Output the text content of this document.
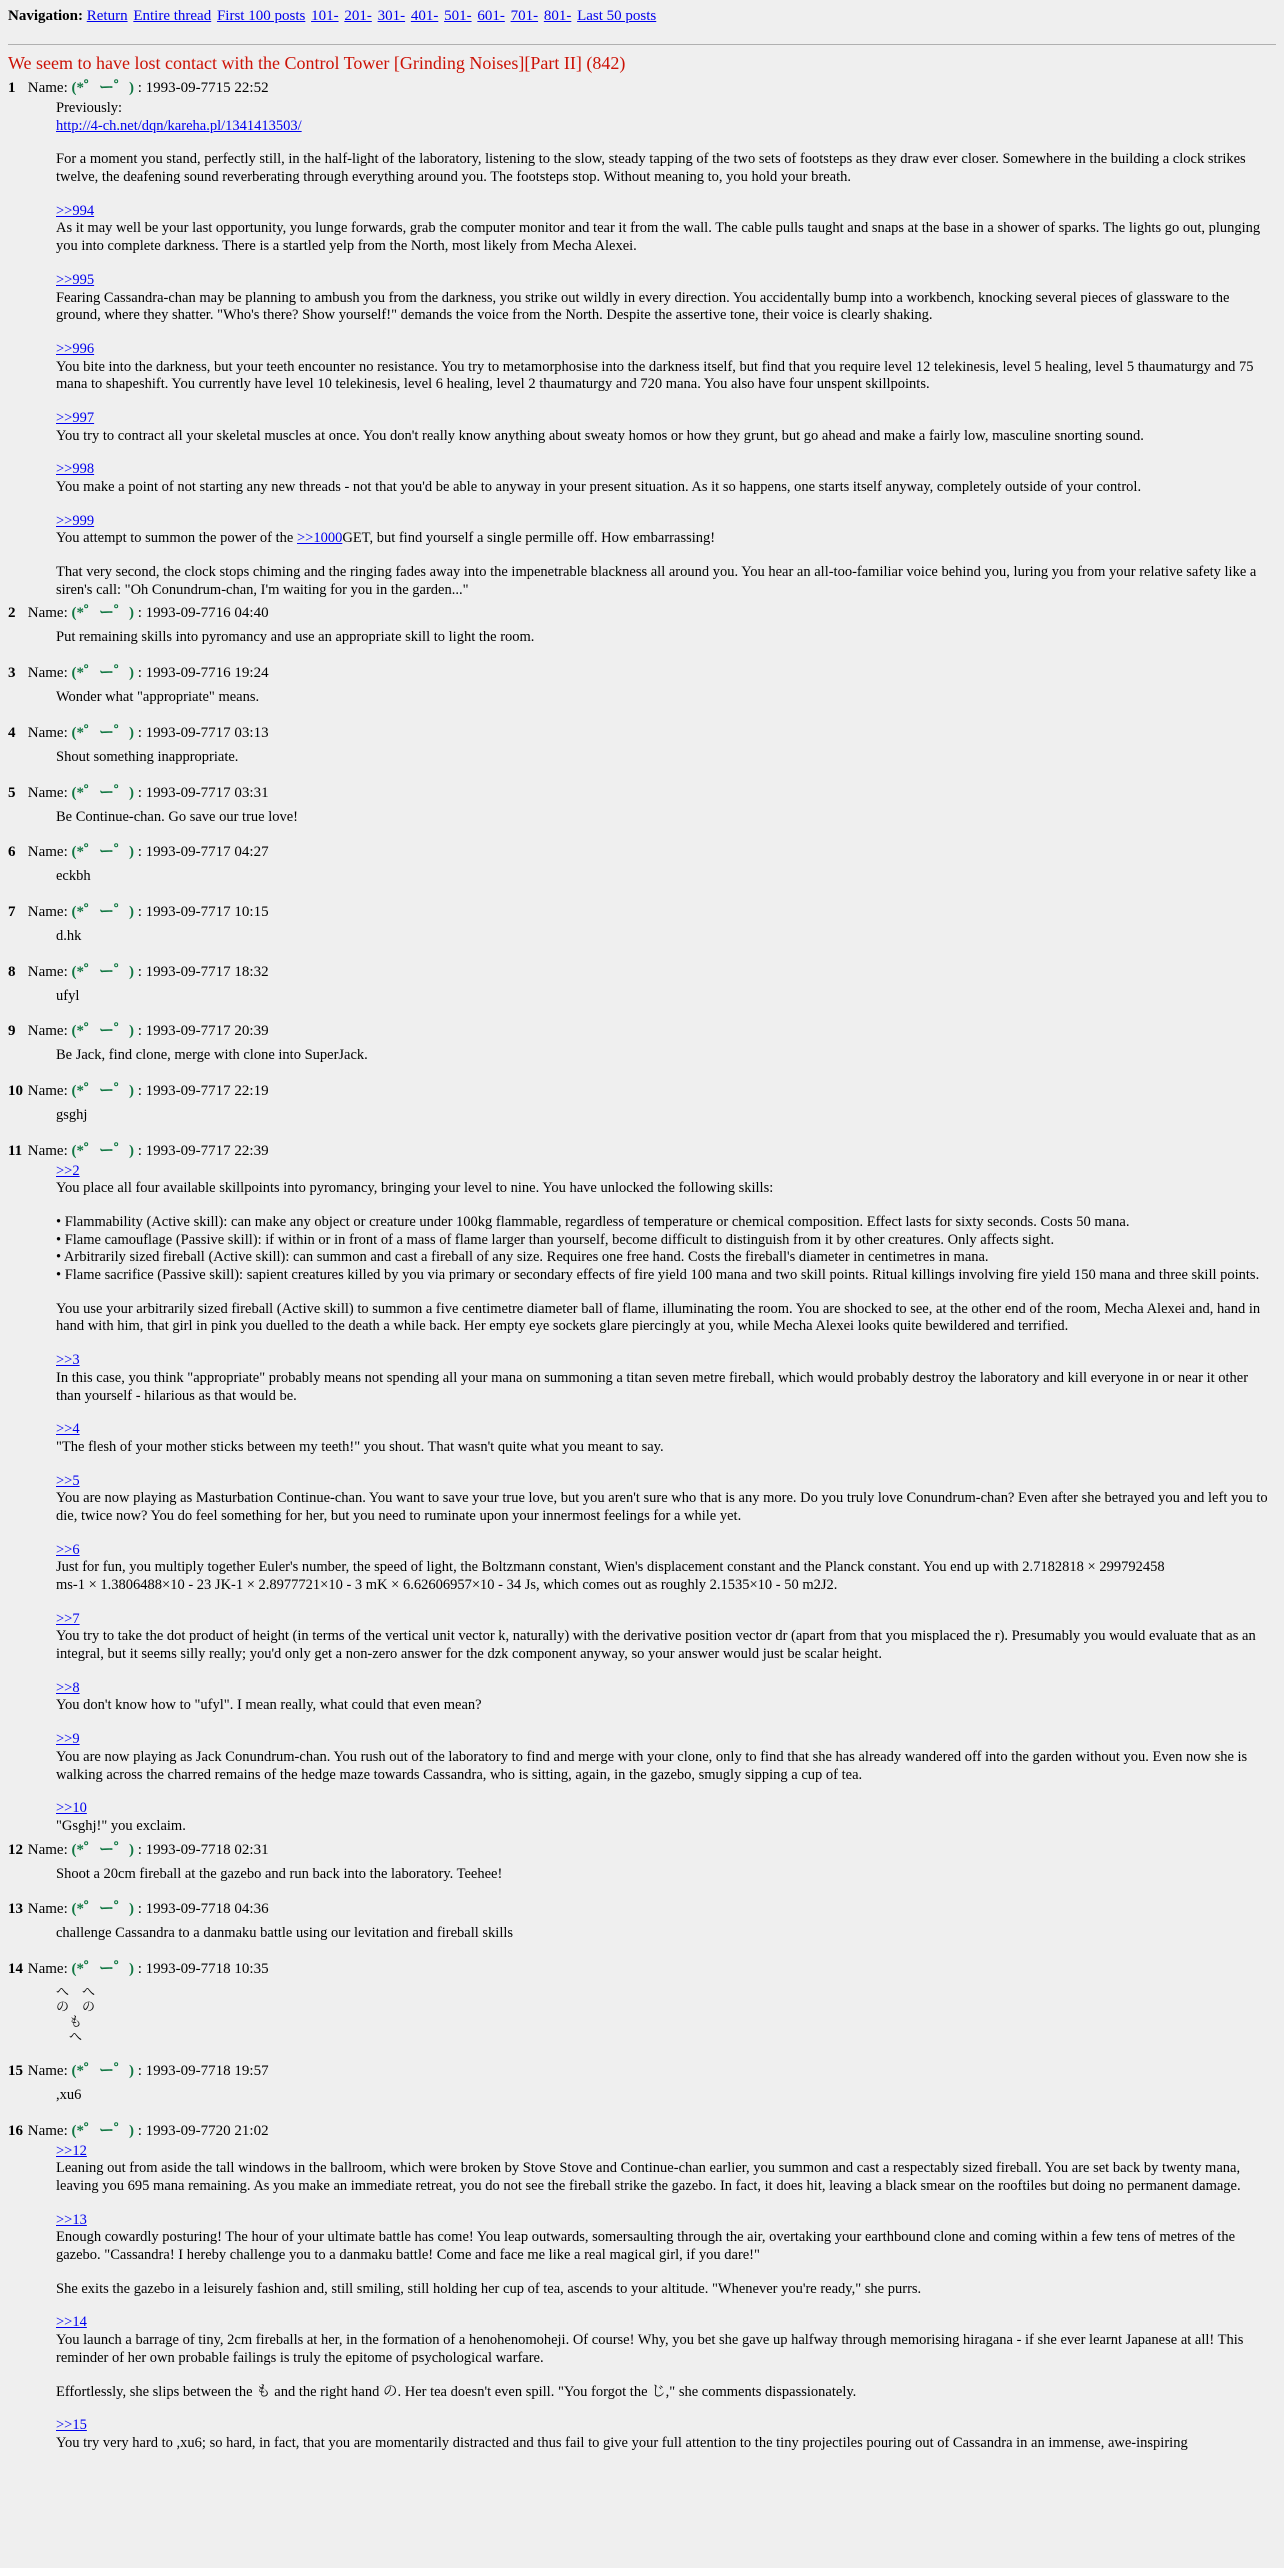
Navigation: Return Entire thread First 100 posts 101- 201- 301- 401- 501- 601- 701- 801- Last 50 posts
We seem to have lost contact with the Control Tower [Grinding Noises][Part II] (842)
1 Name: (*゜ー゜) : 1993-09-7715 22:52

Previously:

http://4-ch.net/dqn/kareha.pl/1341413503/

For a moment you stand, perfectly still, in the half-light of the laboratory, listening to the slow, steady tapping of the two sets of footsteps as they draw ever closer. Somewhere in the building a clock strikes twelve, the deafening sound reverberating through everything around you. The footsteps stop. Without meaning to, you hold your breath.

>>994

As it may well be your last opportunity, you lunge forwards, grab the computer monitor and tear it from the wall. The cable pulls taught and snaps at the base in a shower of sparks. The lights go out, plunging you into complete darkness. There is a startled yelp from the North, most likely from Mecha Alexei.

>>995

Fearing Cassandra-chan may be planning to ambush you from the darkness, you strike out wildly in every direction. You accidentally bump into a workbench, knocking several pieces of glassware to the ground, where they shatter. "Who's there? Show yourself!" demands the voice from the North. Despite the assertive tone, their voice is clearly shaking.

>>996

You bite into the darkness, but your teeth encounter no resistance. You try to metamorphosise into the darkness itself, but find that you require level 12 telekinesis, level 5 healing, level 5 thaumaturgy and 75 mana to shapeshift. You currently have level 10 telekinesis, level 6 healing, level 2 thaumaturgy and 720 mana. You also have four unspent skillpoints.

>>997

You try to contract all your skeletal muscles at once. You don't really know anything about sweaty homos or how they grunt, but go ahead and make a fairly low, masculine snorting sound.

>>998

You make a point of not starting any new threads - not that you'd be able to anyway in your present situation. As it so happens, one starts itself anyway, completely outside of your control.

>>999

You attempt to summon the power of the >>1000GET, but find yourself a single permille off. How embarrassing!

That very second, the clock stops chiming and the ringing fades away into the impenetrable blackness all around you. You hear an all-too-familiar voice behind you, luring you from your relative safety like a siren's call: "Oh Conundrum-chan, I'm waiting for you in the garden..."

2 Name: (*゜ー゜) : 1993-09-7716 04:40

Put remaining skills into pyromancy and use an appropriate skill to light the room.

3 Name: (*゜ー゜) : 1993-09-7716 19:24

Wonder what "appropriate" means.

4 Name: (*゜ー゜) : 1993-09-7717 03:13

Shout something inappropriate.

5 Name: (*゜ー゜) : 1993-09-7717 03:31

Be Continue-chan. Go save our true love!

6 Name: (*゜ー゜) : 1993-09-7717 04:27

eckbh

7 Name: (*゜ー゜) : 1993-09-7717 10:15

d.hk

8 Name: (*゜ー゜) : 1993-09-7717 18:32

ufyl

9 Name: (*゜ー゜) : 1993-09-7717 20:39

Be Jack, find clone, merge with clone into SuperJack.

10 Name: (*゜ー゜) : 1993-09-7717 22:19

gsghj

11 Name: (*゜ー゜) : 1993-09-7717 22:39
>>2

You place all four available skillpoints into pyromancy, bringing your level to nine. You have unlocked the following skills:

• Flammability (Active skill): can make any object or creature under 100kg flammable, regardless of temperature or chemical composition. Effect lasts for sixty seconds. Costs 50 mana.

• Flame camouflage (Passive skill): if within or in front of a mass of flame larger than yourself, become difficult to distinguish from it by other creatures. Only affects sight.

• Arbitrarily sized fireball (Active skill): can summon and cast a fireball of any size. Requires one free hand. Costs the fireball's diameter in centimetres in mana.

• Flame sacrifice (Passive skill): sapient creatures killed by you via primary or secondary effects of fire yield 100 mana and two skill points. Ritual killings involving fire yield 150 mana and three skill points.

You use your arbitrarily sized fireball (Active skill) to summon a five centimetre diameter ball of flame, illuminating the room. You are shocked to see, at the other end of the room, Mecha Alexei and, hand in hand with him, that girl in pink you duelled to the death a while back. Her empty eye sockets glare piercingly at you, while Mecha Alexei looks quite bewildered and terrified.

>>3

In this case, you think "appropriate" probably means not spending all your mana on summoning a titan seven metre fireball, which would probably destroy the laboratory and kill everyone in or near it other than yourself - hilarious as that would be.

>>4

"The flesh of your mother sticks between my teeth!" you shout. That wasn't quite what you meant to say.

>>5

You are now playing as Masturbation Continue-chan. You want to save your true love, but you aren't sure who that is any more. Do you truly love Conundrum-chan? Even after she betrayed you and left you to die, twice now? You do feel something for her, but you need to ruminate upon your innermost feelings for a while yet.

>>6

Just for fun, you multiply together Euler's number, the speed of light, the Boltzmann constant, Wien's displacement constant and the Planck constant. You end up with 2.7182818 × 299792458

ms-1 × 1.3806488×10 - 23 JK-1 × 2.8977721×10 - 3 mK × 6.62606957×10 - 34 Js, which comes out as roughly 2.1535×10 - 50 m2J2.

>>7

You try to take the dot product of height (in terms of the vertical unit vector k, naturally) with the derivative position vector dr (apart from that you misplaced the r). Presumably you would evaluate that as an integral, but it seems silly really; you'd only get a non-zero answer for the dzk component anyway, so your answer would just be scalar height.

>>8

You don't know how to "ufyl". I mean really, what could that even mean?

>>9

You are now playing as Jack Conundrum-chan. You rush out of the laboratory to find and merge with your clone, only to find that she has already wandered off into the garden without you. Even now she is walking across the charred remains of the hedge maze towards Cassandra, who is sitting, again, in the gazebo, smugly sipping a cup of tea.

>>10

"Gsghj!" you exclaim.

12 Name: (*゜ー゜) : 1993-09-7718 02:31

Shoot a 20cm fireball at the gazebo and run back into the laboratory. Teehee!

13 Name: (*゜ー゜) : 1993-09-7718 04:36

challenge Cassandra to a danmaku battle using our levitation and fireball skills

14 Name: (*゜ー゜) : 1993-09-7718 10:35
へ　へ
の　の
　も
　へ
15 Name: (*゜ー゜) : 1993-09-7718 19:57

,xu6

16 Name: (*゜ー゜) : 1993-09-7720 21:02
>>12

Leaning out from aside the tall windows in the ballroom, which were broken by Stove Stove and Continue-chan earlier, you summon and cast a respectably sized fireball. You are set back by twenty mana, leaving you 695 mana remaining. As you make an immediate retreat, you do not see the fireball strike the gazebo. In fact, it does hit, leaving a black smear on the rooftiles but doing no permanent damage.

>>13

Enough cowardly posturing! The hour of your ultimate battle has come! You leap outwards, somersaulting through the air, overtaking your earthbound clone and coming within a few tens of metres of the gazebo. "Cassandra! I hereby challenge you to a danmaku battle! Come and face me like a real magical girl, if you dare!"

She exits the gazebo in a leisurely fashion and, still smiling, still holding her cup of tea, ascends to your altitude. "Whenever you're ready," she purrs.

>>14

You launch a barrage of tiny, 2cm fireballs at her, in the formation of a henohenomoheji. Of course! Why, you bet she gave up halfway through memorising hiragana - if she ever learnt Japanese at all! This reminder of her own probable failings is truly the epitome of psychological warfare.

Effortlessly, she slips between the も and the right hand の. Her tea doesn't even spill. "You forgot the じ," she comments dispassionately.

>>15

You try very hard to ,xu6; so hard, in fact, that you are momentarily distracted and thus fail to give your full attention to the tiny projectiles pouring out of Cassandra in an immense, awe-inspiring
